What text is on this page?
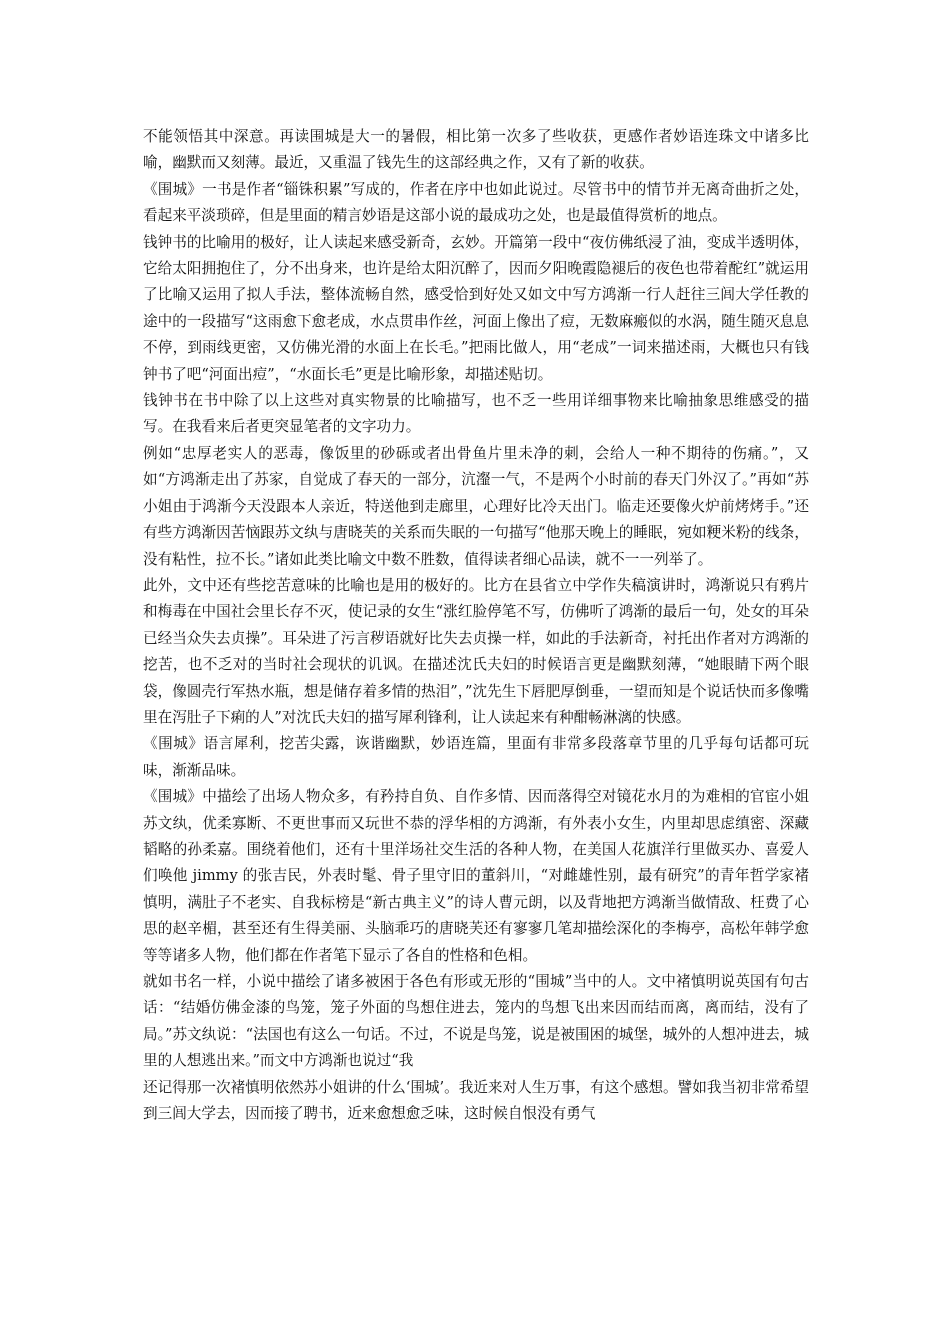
不能领悟其中深意。再读围城是大一的暑假，相比第一次多了些收获，更感作者妙语连珠文中诸多比喻，幽默而又刻薄。最近，又重温了钱先生的这部经典之作，又有了新的收获。

《围城》一书是作者“锱铢积累”写成的，作者在序中也如此说过。尽管书中的情节并无离奇曲折之处，看起来平淡琐碎，但是里面的精言妙语是这部小说的最成功之处，也是最值得赏析的地点。

钱钟书的比喻用的极好，让人读起来感受新奇，玄妙。开篇第一段中“夜仿佛纸浸了油，变成半透明体，它给太阳拥抱住了，分不出身来，也许是给太阳沉醉了，因而夕阳晚霞隐褪后的夜色也带着酡红”就运用了比喻又运用了拟人手法，整体流畅自然，感受恰到好处又如文中写方鸿渐一行人赶往三闾大学任教的途中的一段描写“这雨愈下愈老成，水点贯串作丝，河面上像出了痘，无数麻瘢似的水涡，随生随灭息息不停，到雨线更密，又仿佛光滑的水面上在长毛。”把雨比做人，用“老成”一词来描述雨，大概也只有钱钟书了吧“河面出痘”，“水面长毛”更是比喻形象，却描述贴切。

钱钟书在书中除了以上这些对真实物景的比喻描写，也不乏一些用详细事物来比喻抽象思维感受的描写。在我看来后者更突显笔者的文字功力。

例如“忠厚老实人的恶毒，像饭里的砂砾或者出骨鱼片里未净的刺，会给人一种不期待的伤痛。”，又如“方鸿渐走出了苏家，自觉成了春天的一部分，沆瀣一气，不是两个小时前的春天门外汉了。”再如“苏小姐由于鸿渐今天没跟本人亲近，特送他到走廊里，心理好比冷天出门。临走还要像火炉前烤烤手。”还有些方鸿渐因苦恼跟苏文纨与唐晓芙的关系而失眠的一句描写“他那天晚上的睡眠，宛如粳米粉的线条，没有粘性，拉不长。”诸如此类比喻文中数不胜数，值得读者细心品读，就不一一列举了。

此外，文中还有些挖苦意味的比喻也是用的极好的。比方在县省立中学作失稿演讲时，鸿渐说只有鸦片和梅毒在中国社会里长存不灭，使记录的女生“涨红脸停笔不写，仿佛听了鸿渐的最后一句，处女的耳朵已经当众失去贞操”。耳朵进了污言秽语就好比失去贞操一样，如此的手法新奇，衬托出作者对方鸿渐的挖苦，也不乏对的当时社会现状的讥讽。在描述沈氏夫妇的时候语言更是幽默刻薄，“她眼睛下两个眼袋，像圆壳行军热水瓶，想是储存着多情的热泪”，”沈先生下唇肥厚倒垂，一望而知是个说话快而多像嘴里在泻肚子下痢的人”对沈氏夫妇的描写犀利锋利，让人读起来有种酣畅淋漓的快感。

《围城》语言犀利，挖苦尖露，诙谐幽默，妙语连篇，里面有非常多段落章节里的几乎每句话都可玩味，渐渐品味。

《围城》中描绘了出场人物众多，有矜持自负、自作多情、因而落得空对镜花水月的为难相的官宦小姐苏文纨，优柔寡断、不更世事而又玩世不恭的浮华相的方鸿渐，有外表小女生，内里却思虑缜密、深藏韬略的孙柔嘉。围绕着他们，还有十里洋场社交生活的各种人物，在美国人花旗洋行里做买办、喜爱人们唤他 jimmy 的张吉民，外表时髦、骨子里守旧的董斜川，“对雌雄性别，最有研究”的青年哲学家褚慎明，满肚子不老实、自我标榜是“新古典主义”的诗人曹元朗，以及背地把方鸿渐当做情敌、枉费了心思的赵辛楣，甚至还有生得美丽、头脑乖巧的唐晓芙还有寥寥几笔却描绘深化的李梅亭，高松年韩学愈等等诸多人物，他们都在作者笔下显示了各自的性格和色相。

就如书名一样，小说中描绘了诸多被困于各色有形或无形的“围城”当中的人。文中褚慎明说英国有句古话：“结婚仿佛金漆的鸟笼，笼子外面的鸟想住进去，笼内的鸟想飞出来因而结而离，离而结，没有了局。”苏文纨说：“法国也有这么一句话。不过，不说是鸟笼，说是被围困的城堡，城外的人想冲进去，城里的人想逃出来。”而文中方鸿渐也说过“我

还记得那一次褚慎明依然苏小姐讲的什么‘围城’。我近来对人生万事，有这个感想。譬如我当初非常希望到三闾大学去，因而接了聘书，近来愈想愈乏味，这时候自恨没有勇气
